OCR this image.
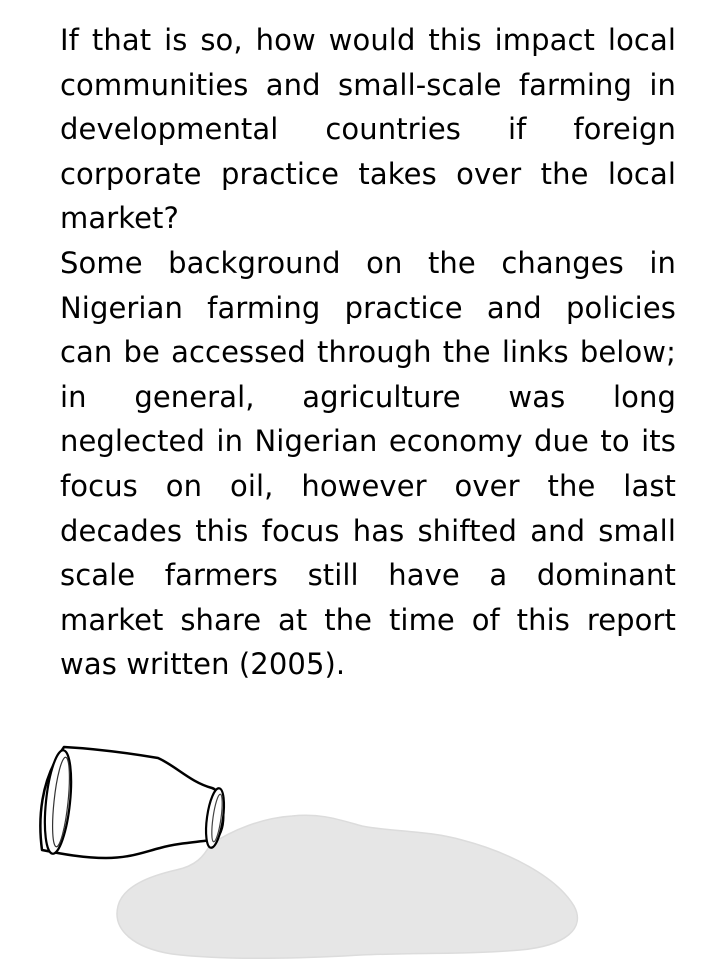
If that is so, how would this impact local communities and small-scale farming in developmental countries if foreign corporate practice takes over the local market?

Some background on the changes in Nigerian farming practice and policies can be accessed through the links below; in general, agriculture was long neglected in Nigerian economy due to its focus on oil, however over the last decades this focus has shifted and small scale farmers still have a dominant market share at the time of this report was written (2005).
